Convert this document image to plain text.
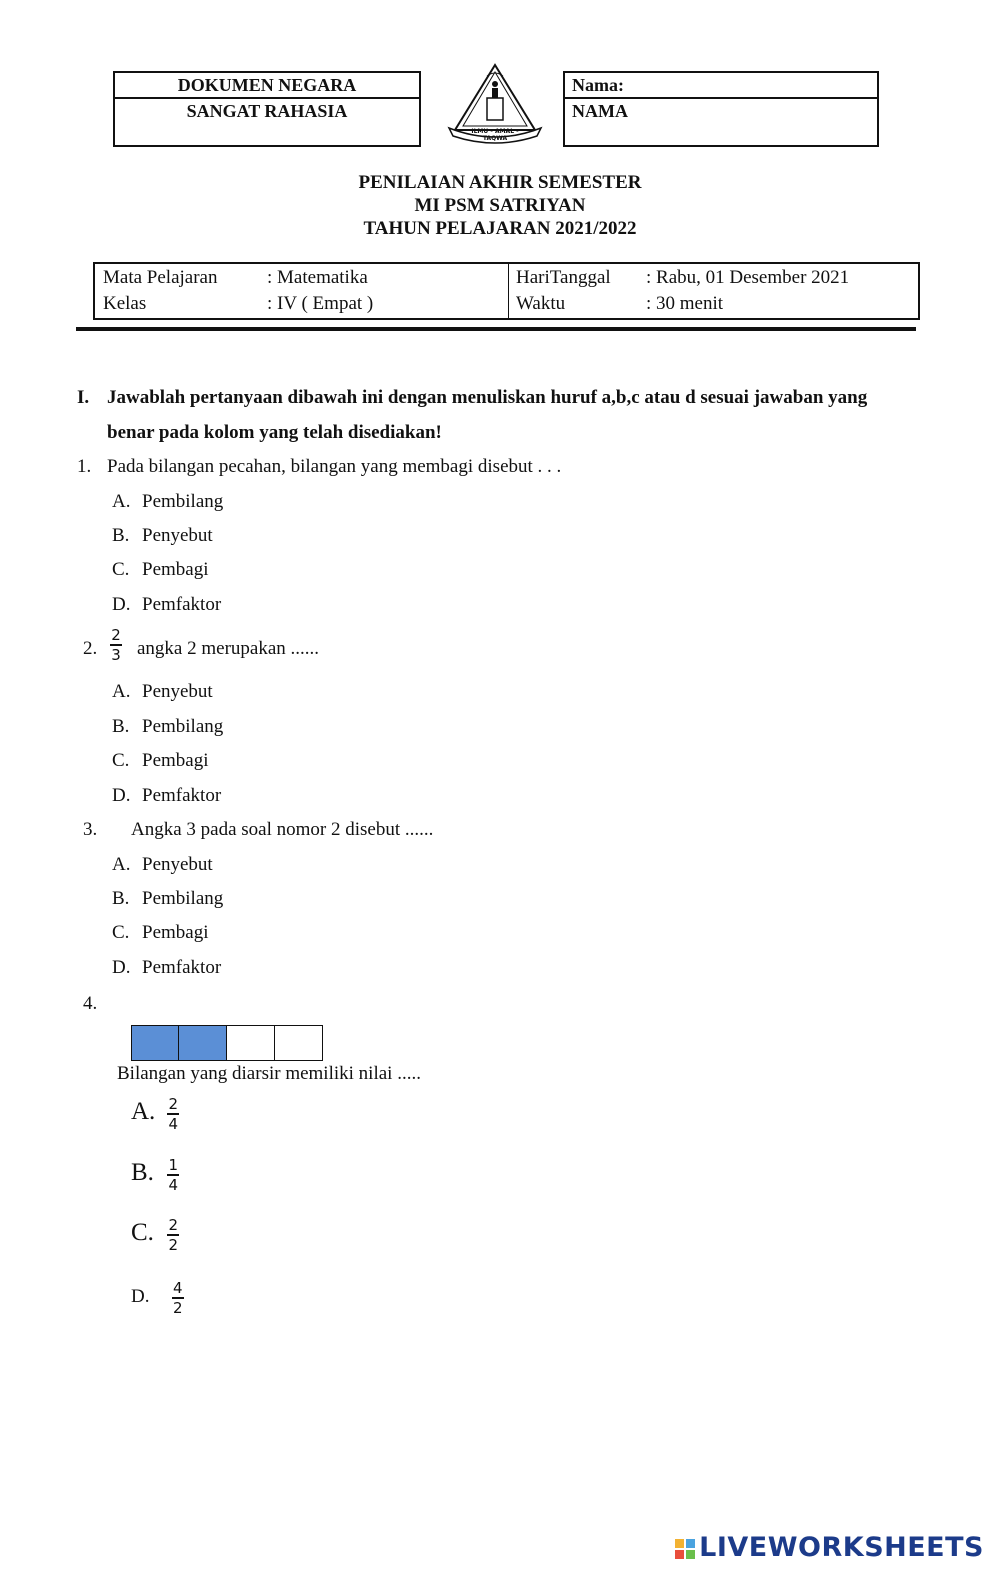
DOKUMEN NEGARA
SANGAT RAHASIA
ILMU - AMAL - TAQWA
Nama:
NAMA
PENILAIAN AKHIR SEMESTER
MI PSM SATRIYAN
TAHUN PELAJARAN 2021/2022
Mata Pelajaran	: Matematika
Kelas	: IV ( Empat )
HariTanggal : Rabu, 01 Desember 2021
Waktu	: 30 menit
I. Jawablah pertanyaan dibawah ini dengan menuliskan huruf a,b,c atau d sesuai jawaban yang
benar pada kolom yang telah disediakan!
1. Pada bilangan pecahan, bilangan yang membagi disebut . . .
A. Pembilang
B. Penyebut
C. Pembagi
D. Pemfaktor
2. $\frac{2}{3}$ angka 2 merupakan ......
A. Penyebut
B. Pembilang
C. Pembagi
D. Pemfaktor
3. Angka 3 pada soal nomor 2 disebut ......
A. Penyebut
B. Pembilang
C. Pembagi
D. Pemfaktor
4.
Bilangan yang diarsir memiliki nilai .....
A. $\frac{2}{4}$
B. $\frac{1}{4}$
C. $\frac{2}{2}$
D. $\frac{4}{2}$
LIVEWORKSHEETS
